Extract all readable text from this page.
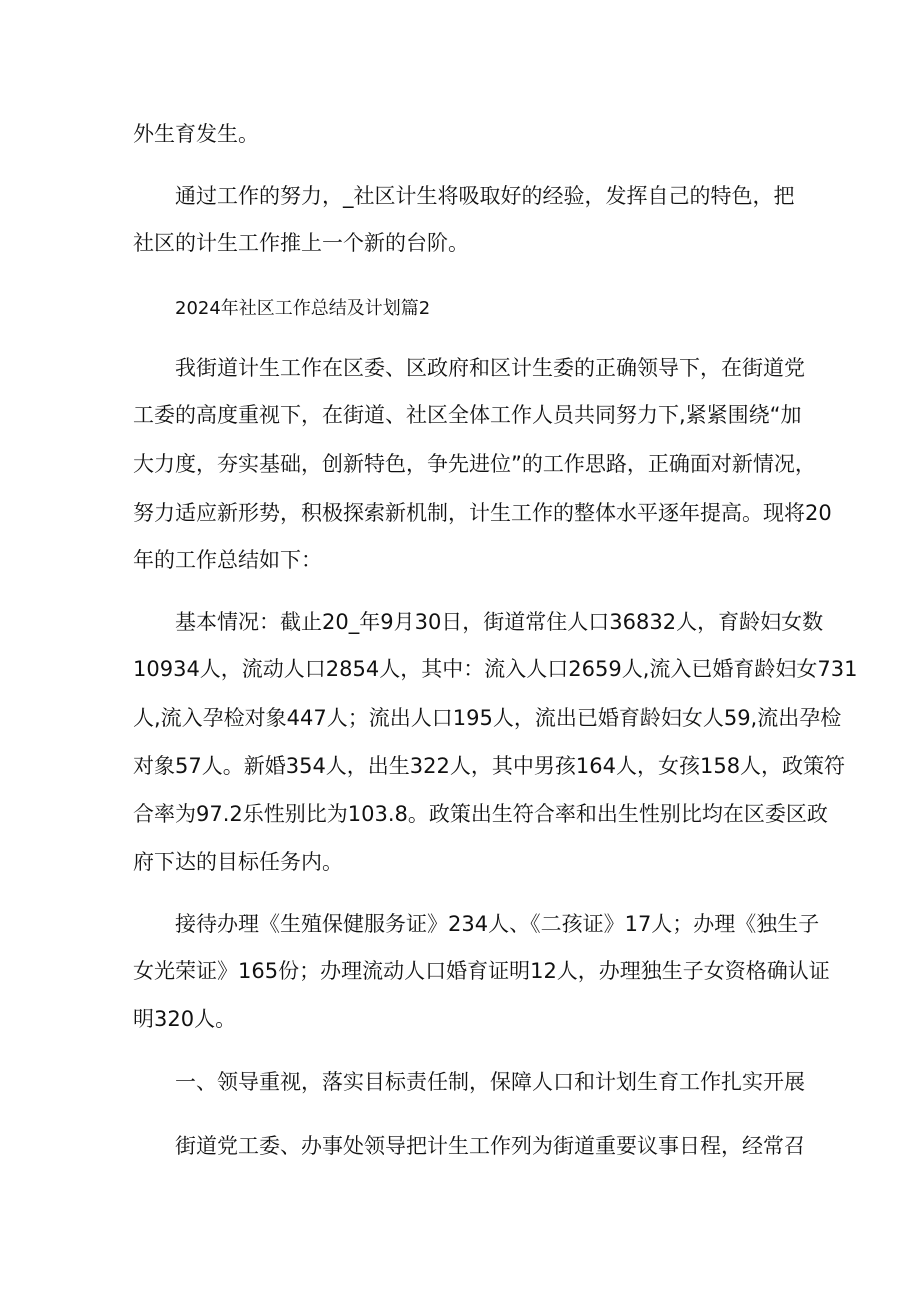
外生育发生。
通过工作的努力，_社区计生将吸取好的经验，发挥自己的特色，把
社区的计生工作推上一个新的台阶。
2024年社区工作总结及计划篇2
我街道计生工作在区委、区政府和区计生委的正确领导下，在街道党
工委的高度重视下，在街道、社区全体工作人员共同努力下,紧紧围绕“加
大力度，夯实基础，创新特色，争先进位”的工作思路，正确面对新情况，
努力适应新形势，积极探索新机制，计生工作的整体水平逐年提高。现将20
年的工作总结如下：
基本情况：截止20_年9月30日，街道常住人口36832人，育龄妇女数
10934人，流动人口2854人，其中：流入人口2659人,流入已婚育龄妇女731
人,流入孕检对象447人；流出人口195人，流出已婚育龄妇女人59,流出孕检
对象57人。新婚354人，出生322人，其中男孩164人，女孩158人，政策符
合率为97.2乐性别比为103.8。政策出生符合率和出生性别比均在区委区政
府下达的目标任务内。
接待办理《生殖保健服务证》234人、《二孩证》17人；办理《独生子
女光荣证》165份；办理流动人口婚育证明12人，办理独生子女资格确认证
明320人。
一、领导重视，落实目标责任制，保障人口和计划生育工作扎实开展
街道党工委、办事处领导把计生工作列为街道重要议事日程，经常召
